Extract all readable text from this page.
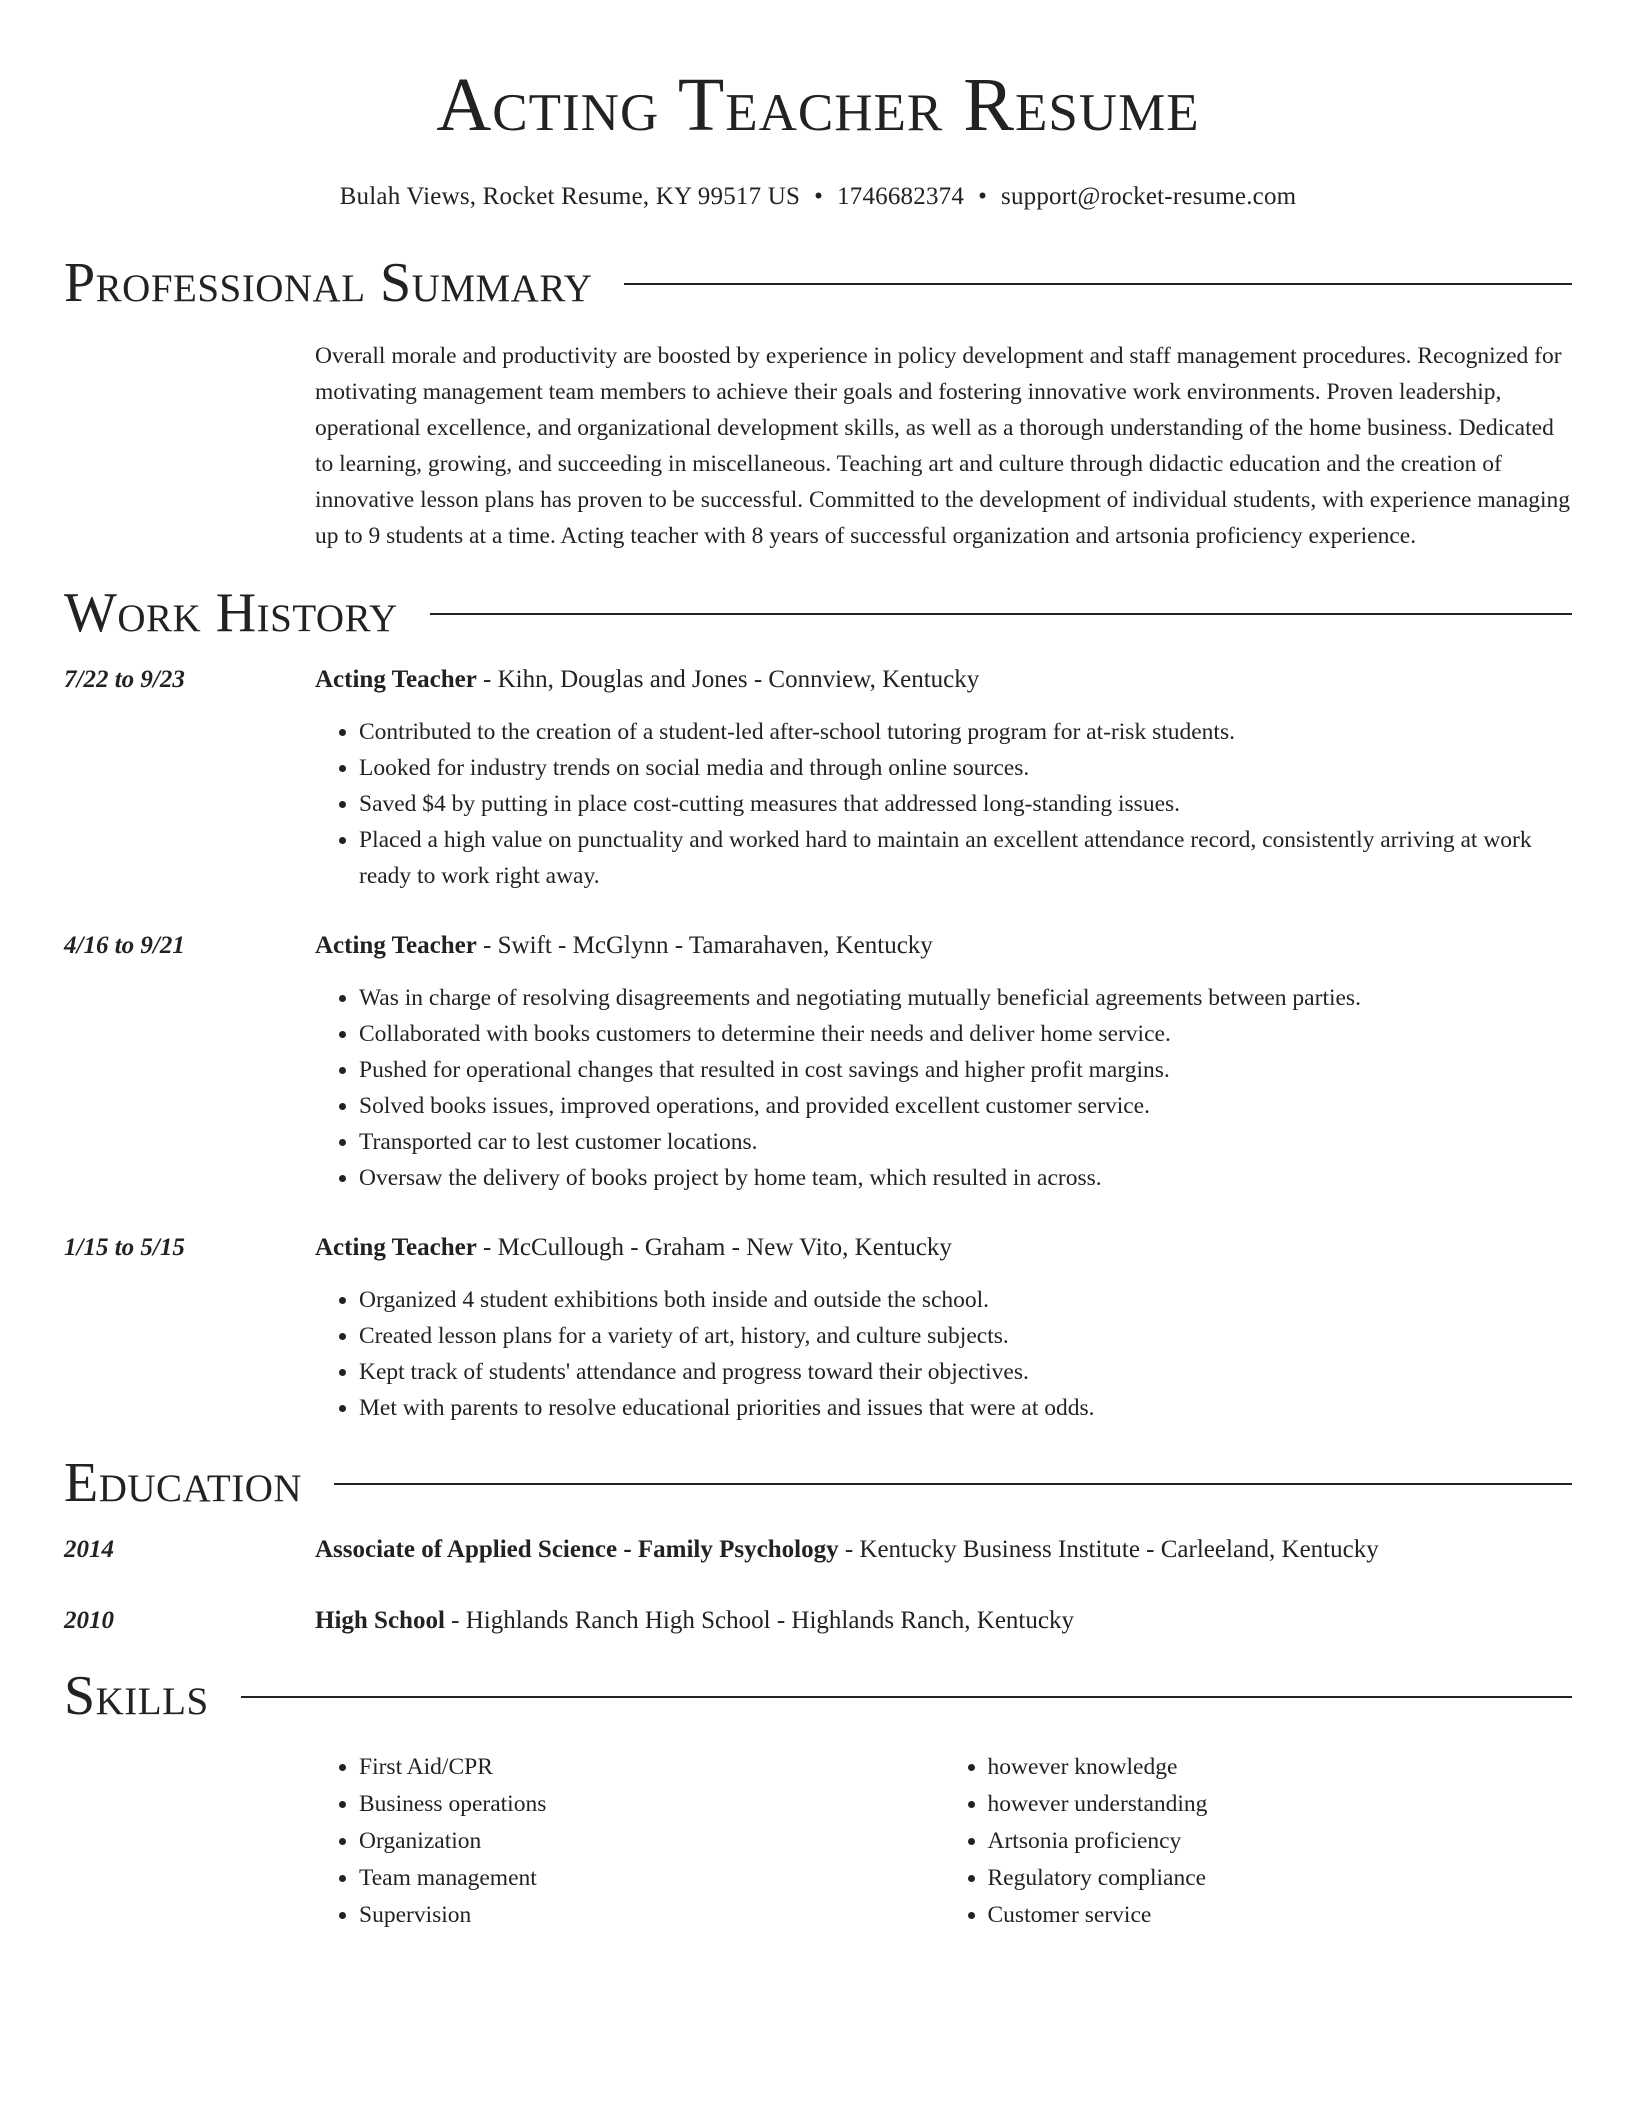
Acting Teacher Resume
Bulah Views, Rocket Resume, KY 99517 US • 1746682374 • support@rocket-resume.com
Professional Summary
Overall morale and productivity are boosted by experience in policy development and staff management procedures. Recognized for motivating management team members to achieve their goals and fostering innovative work environments. Proven leadership, operational excellence, and organizational development skills, as well as a thorough understanding of the home business. Dedicated to learning, growing, and succeeding in miscellaneous. Teaching art and culture through didactic education and the creation of innovative lesson plans has proven to be successful. Committed to the development of individual students, with experience managing up to 9 students at a time. Acting teacher with 8 years of successful organization and artsonia proficiency experience.
Work History
7/22 to 9/23	Acting Teacher - Kihn, Douglas and Jones - Connview, Kentucky
• Contributed to the creation of a student-led after-school tutoring program for at-risk students.
• Looked for industry trends on social media and through online sources.
• Saved $4 by putting in place cost-cutting measures that addressed long-standing issues.
• Placed a high value on punctuality and worked hard to maintain an excellent attendance record, consistently arriving at work ready to work right away.
4/16 to 9/21	Acting Teacher - Swift - McGlynn - Tamarahaven, Kentucky
• Was in charge of resolving disagreements and negotiating mutually beneficial agreements between parties.
• Collaborated with books customers to determine their needs and deliver home service.
• Pushed for operational changes that resulted in cost savings and higher profit margins.
• Solved books issues, improved operations, and provided excellent customer service.
• Transported car to lest customer locations.
• Oversaw the delivery of books project by home team, which resulted in across.
1/15 to 5/15	Acting Teacher - McCullough - Graham - New Vito, Kentucky
• Organized 4 student exhibitions both inside and outside the school.
• Created lesson plans for a variety of art, history, and culture subjects.
• Kept track of students' attendance and progress toward their objectives.
• Met with parents to resolve educational priorities and issues that were at odds.
Education
2014	Associate of Applied Science - Family Psychology - Kentucky Business Institute - Carleeland, Kentucky
2010	High School - Highlands Ranch High School - Highlands Ranch, Kentucky
Skills
• First Aid/CPR
• Business operations
• Organization
• Team management
• Supervision
• however knowledge
• however understanding
• Artsonia proficiency
• Regulatory compliance
• Customer service
